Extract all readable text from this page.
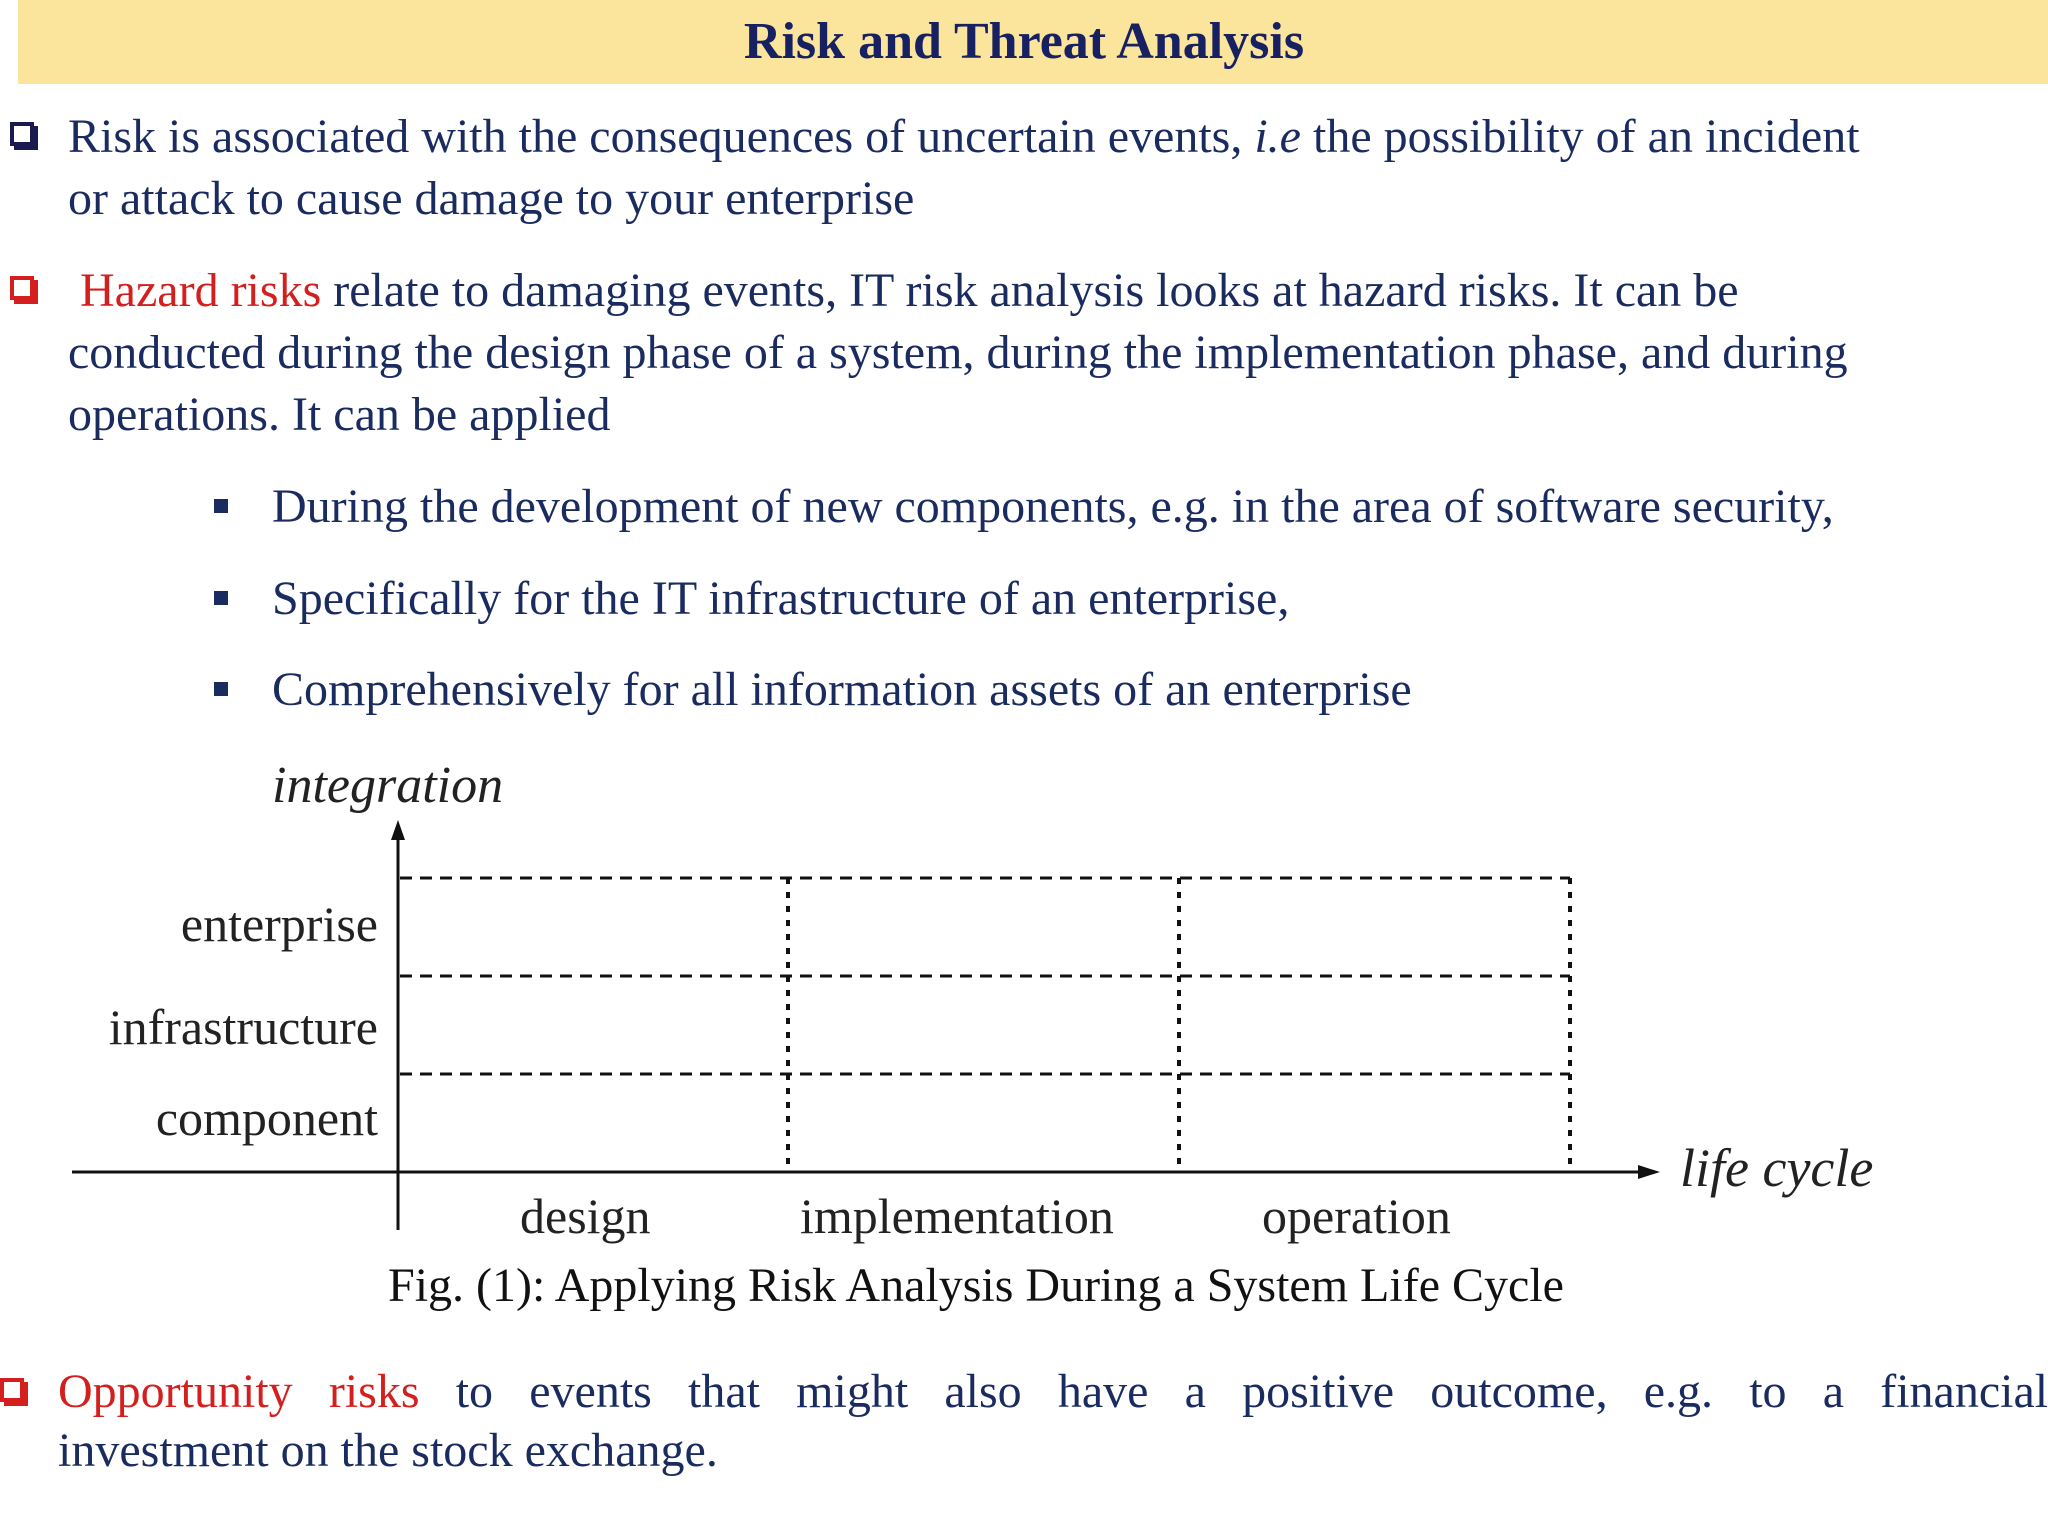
Risk and Threat Analysis
Risk is associated with the consequences of uncertain events, i.e the possibility of an incident
or attack to cause damage to your enterprise
Hazard risks relate to damaging events, IT risk analysis looks at hazard risks. It can be
conducted during the design phase of a system, during the implementation phase, and during
operations. It can be applied
During the development of new components, e.g. in the area of software security,
Specifically for the IT infrastructure of an enterprise,
Comprehensively for all information assets of an enterprise
integration
enterprise
infrastructure
component
design	implementation	operation
life cycle
Fig. (1): Applying Risk Analysis During a System Life Cycle
Opportunity risks to events that might also have a positive outcome, e.g. to a financial
investment on the stock exchange.
